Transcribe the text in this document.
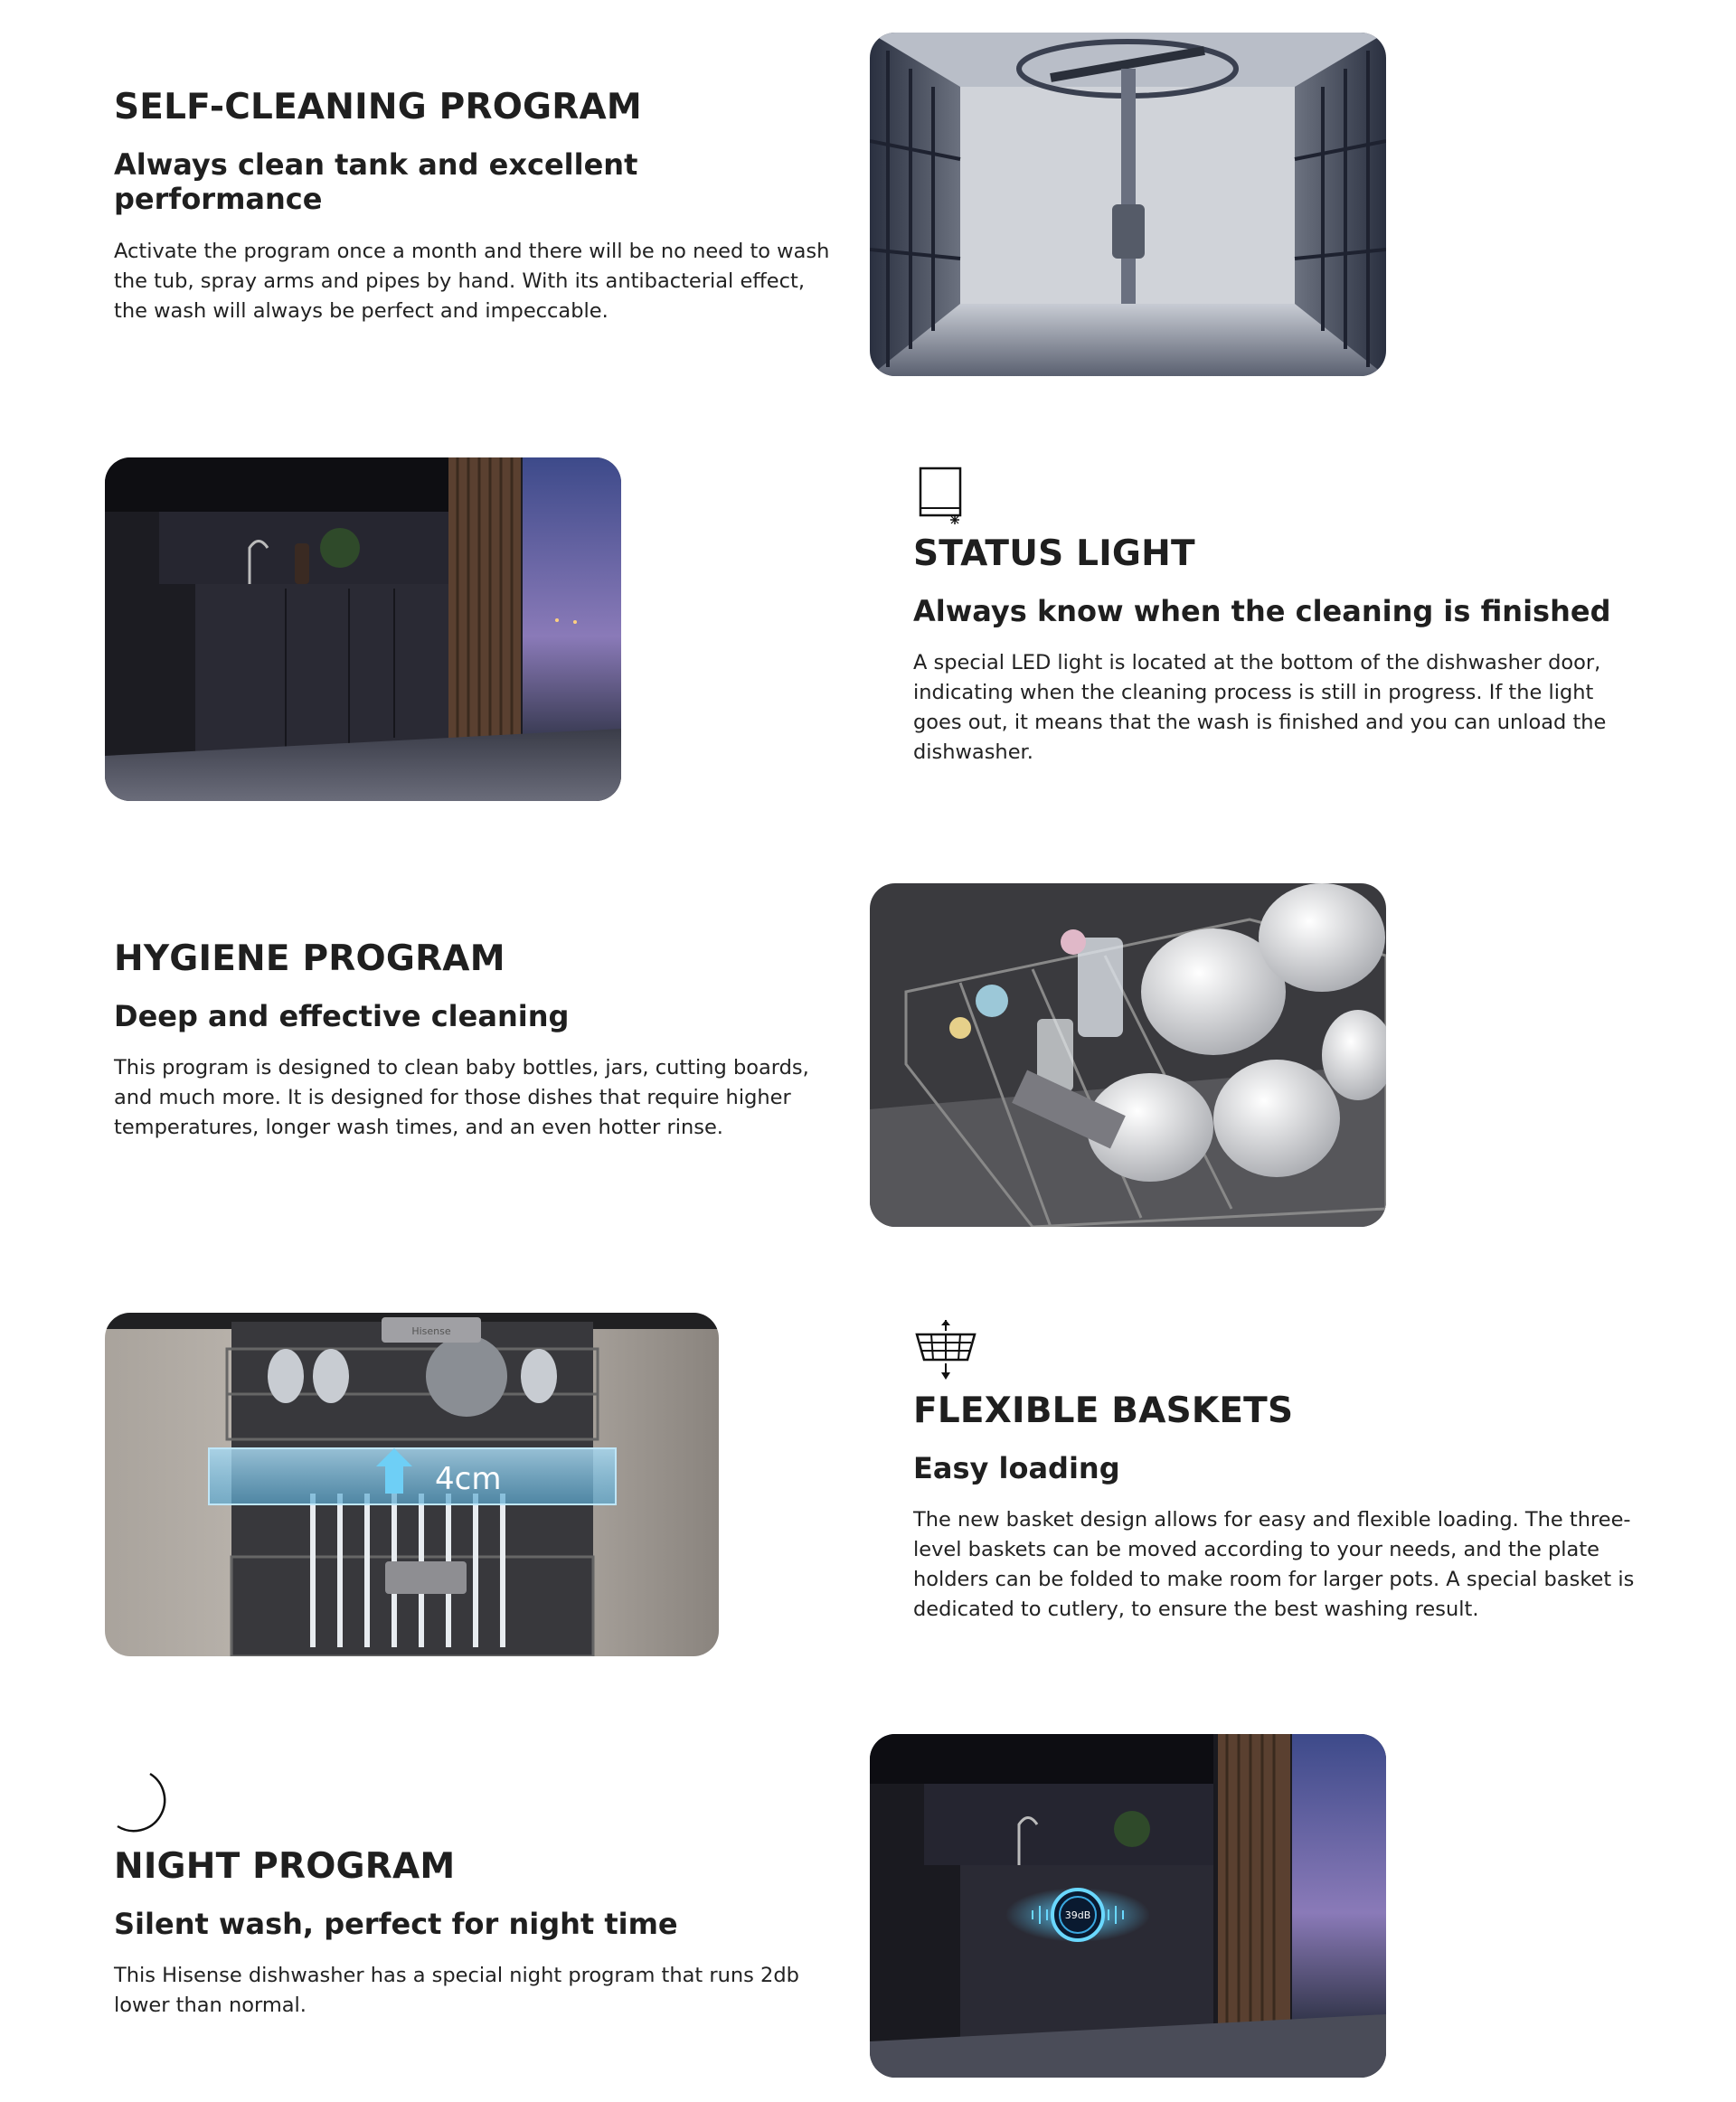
SELF-CLEANING PROGRAM
Always clean tank and excellent performance
Activate the program once a month and there will be no need to wash the tub, spray arms and pipes by hand. With its antibacterial effect, the wash will always be perfect and impeccable.
STATUS LIGHT
Always know when the cleaning is finished
A special LED light is located at the bottom of the dishwasher door, indicating when the cleaning process is still in progress. If the light goes out, it means that the wash is finished and you can unload the dishwasher.
HYGIENE PROGRAM
Deep and effective cleaning
This program is designed to clean baby bottles, jars, cutting boards, and much more. It is designed for those dishes that require higher temperatures, longer wash times, and an even hotter rinse.
Hisense
4cm
FLEXIBLE BASKETS
Easy loading
The new basket design allows for easy and flexible loading. The three-level baskets can be moved according to your needs, and the plate holders can be folded to make room for larger pots. A special basket is dedicated to cutlery, to ensure the best washing result.
NIGHT PROGRAM
Silent wash, perfect for night time
This Hisense dishwasher has a special night program that runs 2db lower than normal.
39dB
